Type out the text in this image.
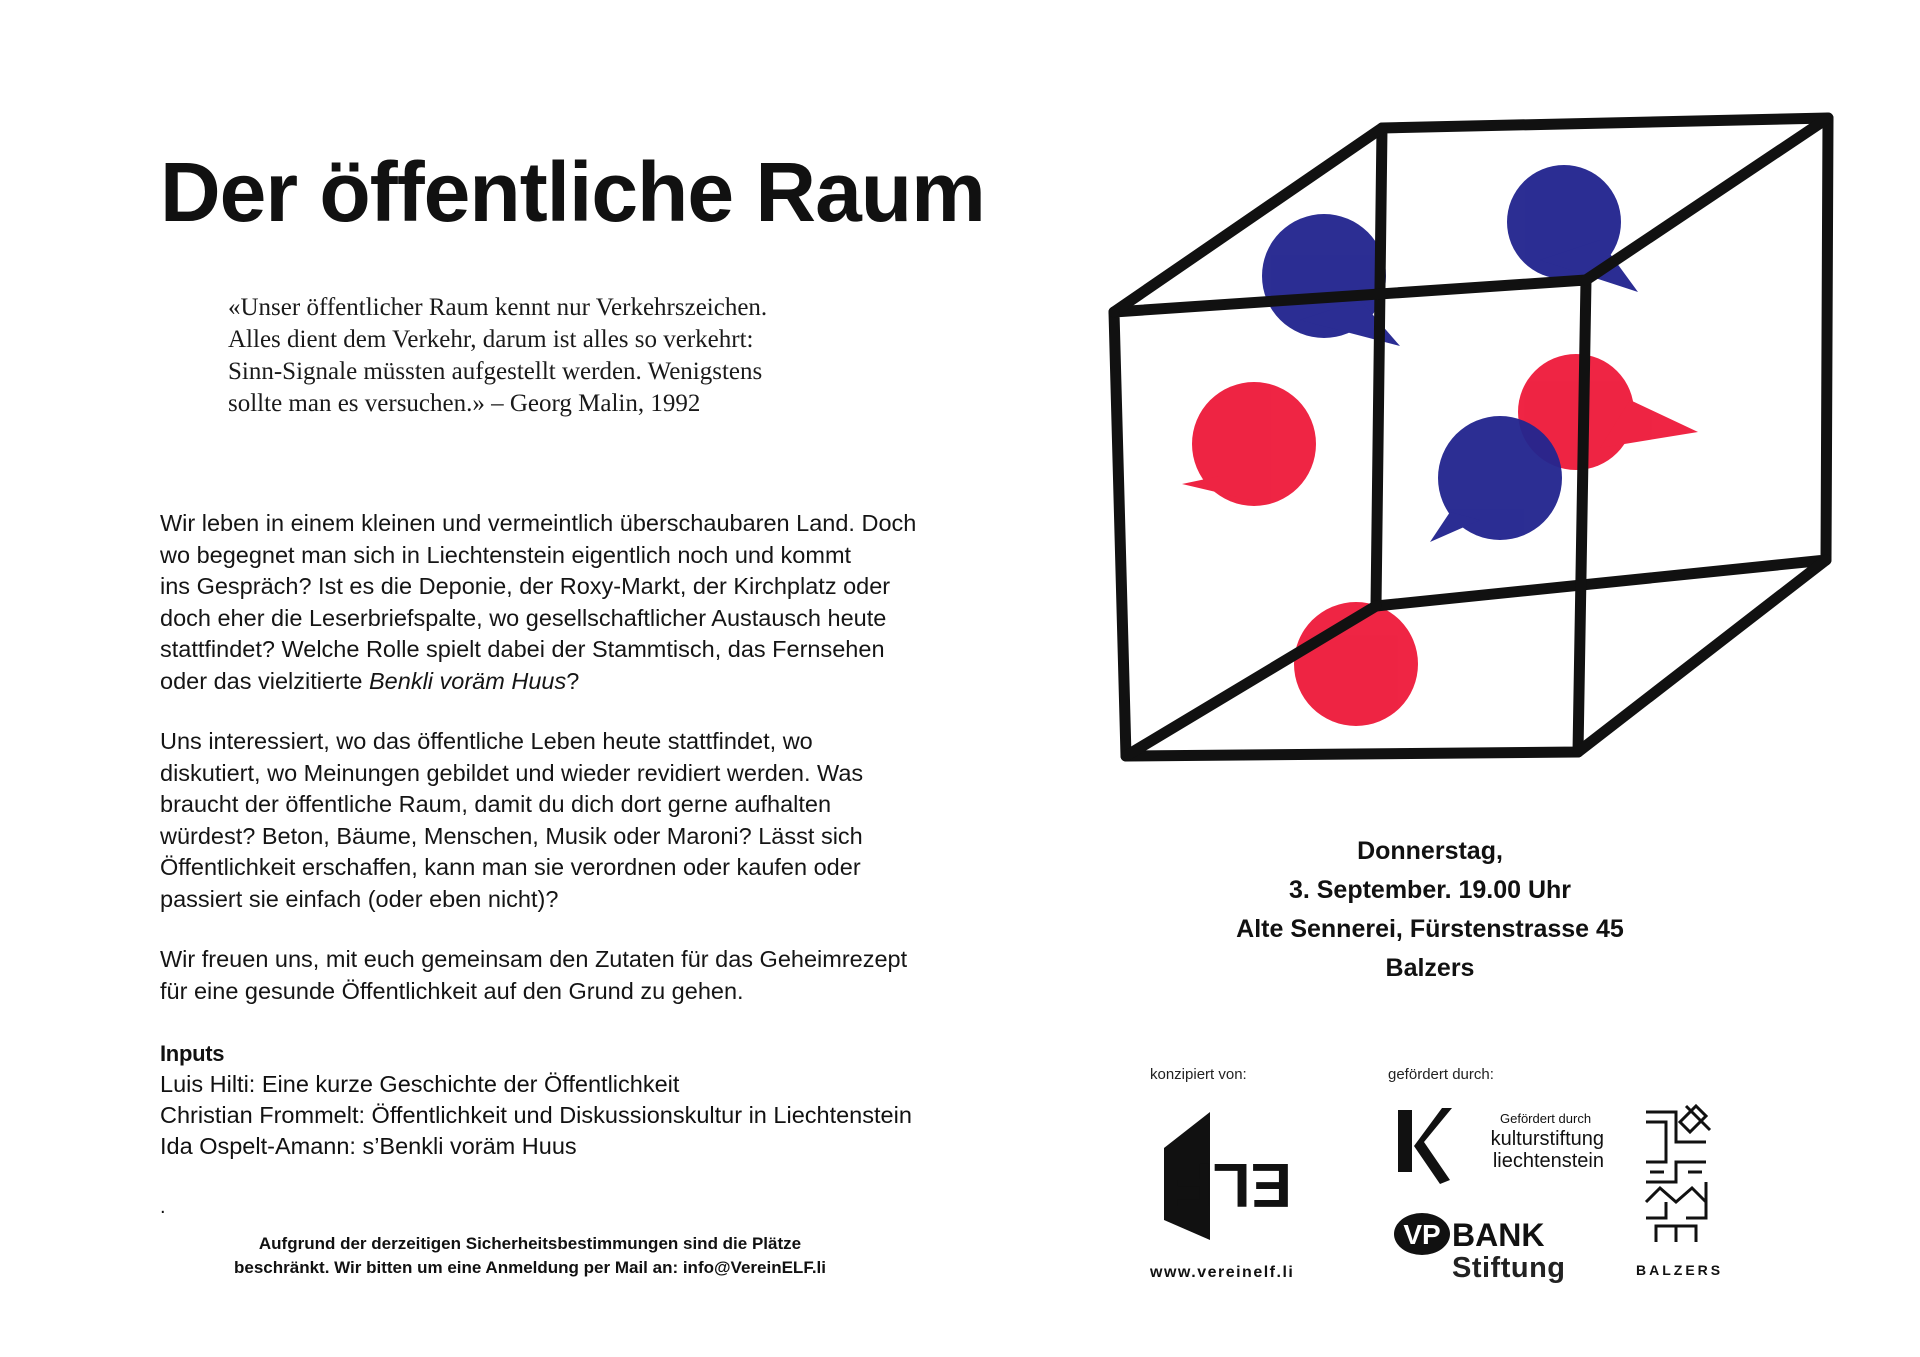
Der öffentliche Raum
«Unser öffentlicher Raum kennt nur Verkehrszeichen.
Alles dient dem Verkehr, darum ist alles so verkehrt:
Sinn-Signale müssten aufgestellt werden. Wenigstens
sollte man es versuchen.» – Georg Malin, 1992
Wir leben in einem kleinen und vermeintlich überschaubaren Land. Doch
wo begegnet man sich in Liechtenstein eigentlich noch und kommt
ins Gespräch? Ist es die Deponie, der Roxy-Markt, der Kirchplatz oder
doch eher die Leserbriefspalte, wo gesellschaftlicher Austausch heute
stattfindet? Welche Rolle spielt dabei der Stammtisch, das Fernsehen
oder das vielzitierte Benkli voräm Huus?
Uns interessiert, wo das öffentliche Leben heute stattfindet, wo
diskutiert, wo Meinungen gebildet und wieder revidiert werden. Was
braucht der öffentliche Raum, damit du dich dort gerne aufhalten
würdest? Beton, Bäume, Menschen, Musik oder Maroni? Lässt sich
Öffentlichkeit erschaffen, kann man sie verordnen oder kaufen oder
passiert sie einfach (oder eben nicht)?
Wir freuen uns, mit euch gemeinsam den Zutaten für das Geheimrezept
für eine gesunde Öffentlichkeit auf den Grund zu gehen.
Inputs
Luis Hilti: Eine kurze Geschichte der Öffentlichkeit
Christian Frommelt: Öffentlichkeit und Diskussionskultur in Liechtenstein
Ida Ospelt-Amann: s’Benkli voräm Huus
.
Aufgrund der derzeitigen Sicherheitsbestimmungen sind die Plätze
beschränkt. Wir bitten um eine Anmeldung per Mail an: info@VereinELF.li
Donnerstag,
3. September. 19.00 Uhr
Alte Sennerei, Fürstenstrasse 45
Balzers
konzipiert von:	gefördert durch:
ELF
www.vereinelf.li
Gefördert durch
kulturstiftung
liechtenstein
VP BANK
Stiftung	BALZERS
